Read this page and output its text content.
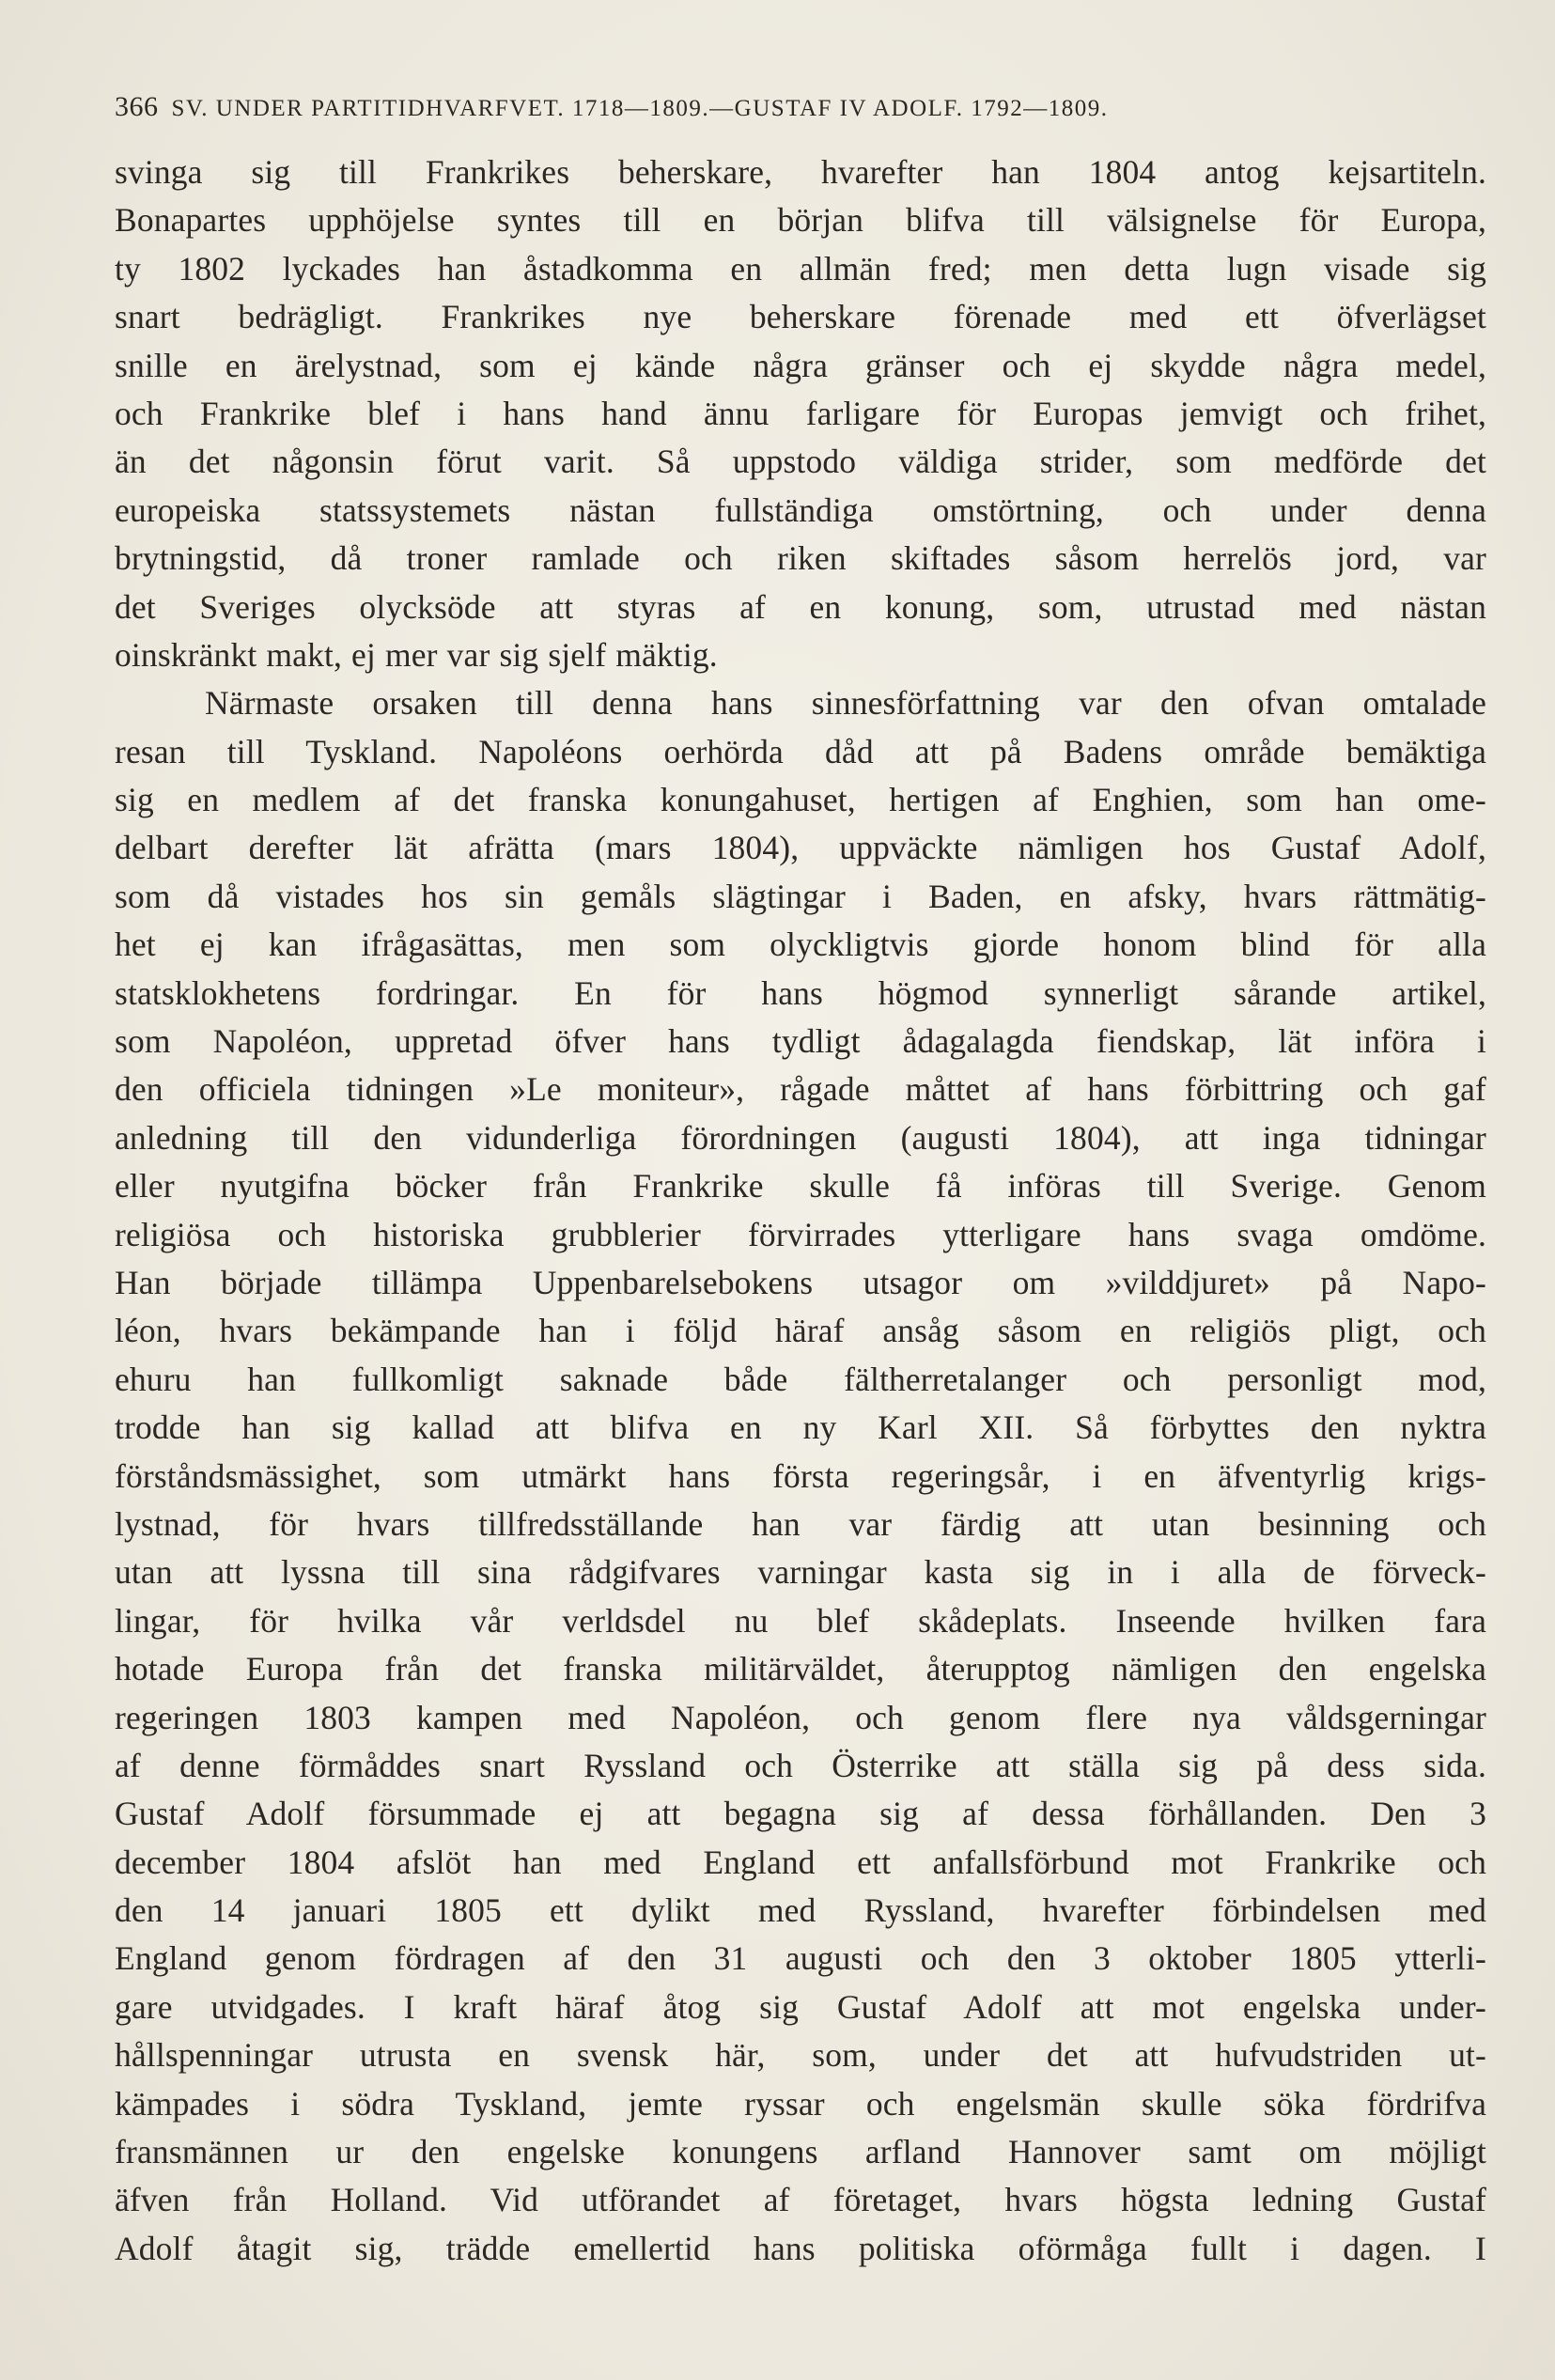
366 SV. UNDER PARTITIDHVARFVET. 1718—1809.—GUSTAF IV ADOLF. 1792—1809.
svinga sig till Frankrikes beherskare, hvarefter han 1804 antog kejsartiteln.
Bonapartes upphöjelse syntes till en början blifva till välsignelse för Europa,
ty 1802 lyckades han åstadkomma en allmän fred; men detta lugn visade sig
snart bedrägligt. Frankrikes nye beherskare förenade med ett öfverlägset
snille en ärelystnad, som ej kände några gränser och ej skydde några medel,
och Frankrike blef i hans hand ännu farligare för Europas jemvigt och frihet,
än det någonsin förut varit. Så uppstodo väldiga strider, som medförde det
europeiska statssystemets nästan fullständiga omstörtning, och under denna
brytningstid, då troner ramlade och riken skiftades såsom herrelös jord, var
det Sveriges olycksöde att styras af en konung, som, utrustad med nästan
oinskränkt makt, ej mer var sig sjelf mäktig.
Närmaste orsaken till denna hans sinnesförfattning var den ofvan omtalade
resan till Tyskland. Napoléons oerhörda dåd att på Badens område bemäktiga
sig en medlem af det franska konungahuset, hertigen af Enghien, som han ome-
delbart derefter lät afrätta (mars 1804), uppväckte nämligen hos Gustaf Adolf,
som då vistades hos sin gemåls slägtingar i Baden, en afsky, hvars rättmätig-
het ej kan ifrågasättas, men som olyckligtvis gjorde honom blind för alla
statsklokhetens fordringar. En för hans högmod synnerligt sårande artikel,
som Napoléon, uppretad öfver hans tydligt ådagalagda fiendskap, lät införa i
den officiela tidningen »Le moniteur», rågade måttet af hans förbittring och gaf
anledning till den vidunderliga förordningen (augusti 1804), att inga tidningar
eller nyutgifna böcker från Frankrike skulle få införas till Sverige. Genom
religiösa och historiska grubblerier förvirrades ytterligare hans svaga omdöme.
Han började tillämpa Uppenbarelsebokens utsagor om »vilddjuret» på Napo-
léon, hvars bekämpande han i följd häraf ansåg såsom en religiös pligt, och
ehuru han fullkomligt saknade både fältherretalanger och personligt mod,
trodde han sig kallad att blifva en ny Karl XII. Så förbyttes den nyktra
förståndsmässighet, som utmärkt hans första regeringsår, i en äfventyrlig krigs-
lystnad, för hvars tillfredsställande han var färdig att utan besinning och
utan att lyssna till sina rådgifvares varningar kasta sig in i alla de förveck-
lingar, för hvilka vår verldsdel nu blef skådeplats. Inseende hvilken fara
hotade Europa från det franska militärväldet, återupptog nämligen den engelska
regeringen 1803 kampen med Napoléon, och genom flere nya våldsgerningar
af denne förmåddes snart Ryssland och Österrike att ställa sig på dess sida.
Gustaf Adolf försummade ej att begagna sig af dessa förhållanden. Den 3
december 1804 afslöt han med England ett anfallsförbund mot Frankrike och
den 14 januari 1805 ett dylikt med Ryssland, hvarefter förbindelsen med
England genom fördragen af den 31 augusti och den 3 oktober 1805 ytterli-
gare utvidgades. I kraft häraf åtog sig Gustaf Adolf att mot engelska under-
hållspenningar utrusta en svensk här, som, under det att hufvudstriden ut-
kämpades i södra Tyskland, jemte ryssar och engelsmän skulle söka fördrifva
fransmännen ur den engelske konungens arfland Hannover samt om möjligt
äfven från Holland. Vid utförandet af företaget, hvars högsta ledning Gustaf
Adolf åtagit sig, trädde emellertid hans politiska oförmåga fullt i dagen. I
